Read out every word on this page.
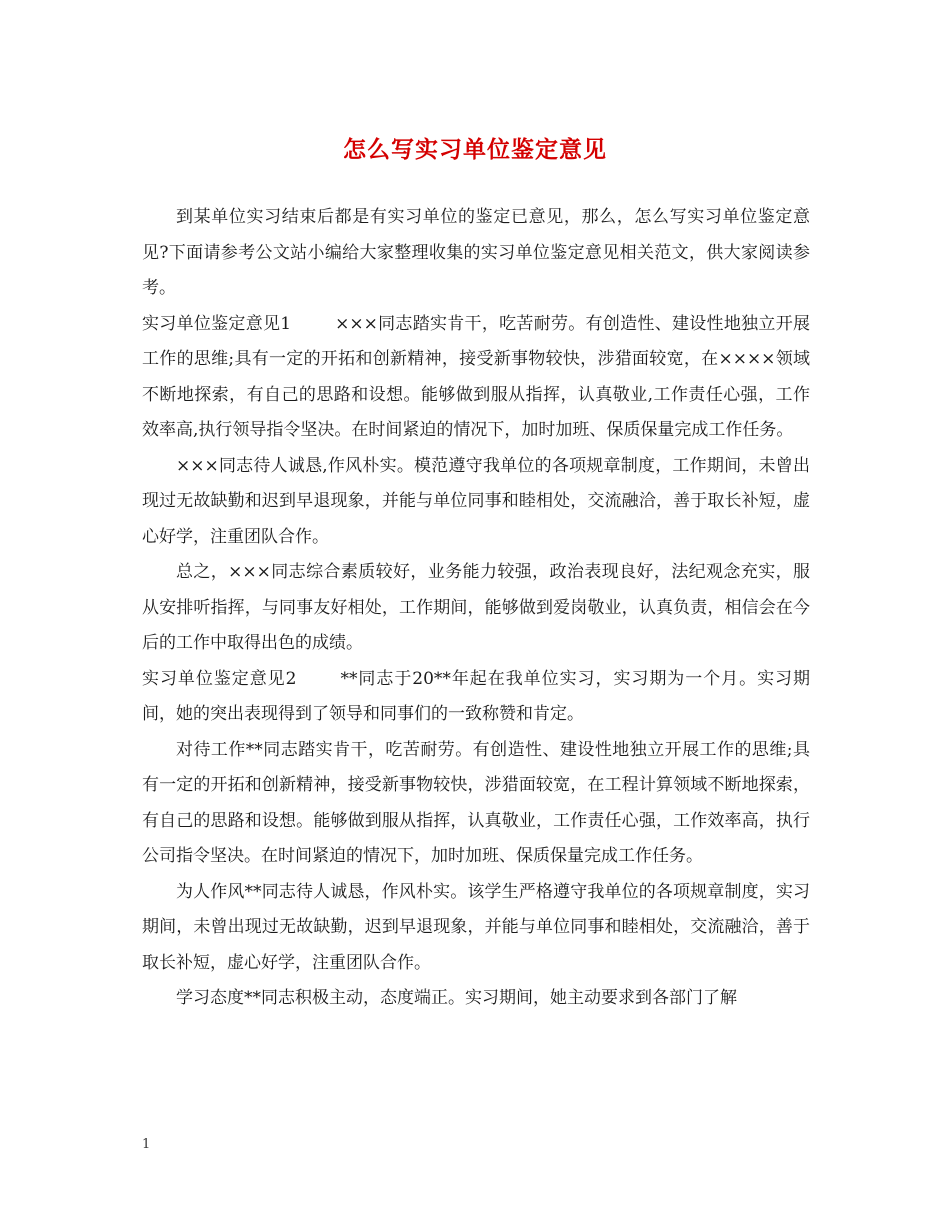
怎么写实习单位鉴定意见

到某单位实习结束后都是有实习单位的鉴定已意见，那么，怎么写实习单位鉴定意见?下面请参考公文站小编给大家整理收集的实习单位鉴定意见相关范文，供大家阅读参考。

实习单位鉴定意见1	×××同志踏实肯干，吃苦耐劳。有创造性、建设性地独立开展工作的思维;具有一定的开拓和创新精神，接受新事物较快，涉猎面较宽，在××××领域不断地探索，有自己的思路和设想。能够做到服从指挥，认真敬业,工作责任心强，工作效率高,执行领导指令坚决。在时间紧迫的情况下，加时加班、保质保量完成工作任务。

×××同志待人诚恳,作风朴实。模范遵守我单位的各项规章制度，工作期间，未曾出现过无故缺勤和迟到早退现象，并能与单位同事和睦相处，交流融洽，善于取长补短，虚心好学，注重团队合作。

总之，×××同志综合素质较好，业务能力较强，政治表现良好，法纪观念充实，服从安排听指挥，与同事友好相处，工作期间，能够做到爱岗敬业，认真负责，相信会在今后的工作中取得出色的成绩。

实习单位鉴定意见2	**同志于20**年起在我单位实习，实习期为一个月。实习期间，她的突出表现得到了领导和同事们的一致称赞和肯定。

对待工作**同志踏实肯干，吃苦耐劳。有创造性、建设性地独立开展工作的思维;具有一定的开拓和创新精神，接受新事物较快，涉猎面较宽，在工程计算领域不断地探索，有自己的思路和设想。能够做到服从指挥，认真敬业，工作责任心强，工作效率高，执行公司指令坚决。在时间紧迫的情况下，加时加班、保质保量完成工作任务。

为人作风**同志待人诚恳，作风朴实。该学生严格遵守我单位的各项规章制度，实习期间，未曾出现过无故缺勤，迟到早退现象，并能与单位同事和睦相处，交流融洽，善于取长补短，虚心好学，注重团队合作。

学习态度**同志积极主动，态度端正。实习期间，她主动要求到各部门了解

1
